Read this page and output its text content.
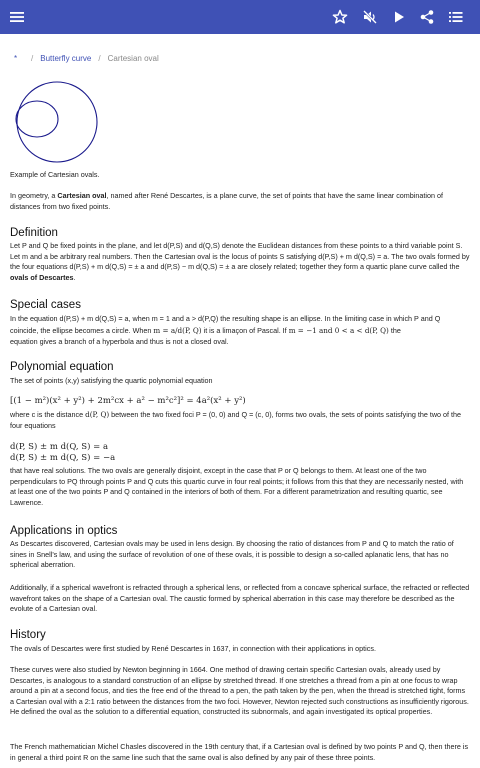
* / Butterfly curve / Cartesian oval
Example of Cartesian ovals.

In geometry, a Cartesian oval, named after René Descartes, is a plane curve, the set of points that have the same linear combination of distances from two fixed points.

Definition

Let P and Q be fixed points in the plane, and let d(P,S) and d(Q,S) denote the Euclidean distances from these points to a third variable point S. Let m and a be arbitrary real numbers. Then the Cartesian oval is the locus of points S satisfying d(P,S) + m d(Q,S) = a. The two ovals formed by the four equations d(P,S) + m d(Q,S) = ± a and d(P,S) − m d(Q,S) = ± a are closely related; together they form a quartic plane curve called the ovals of Descartes.

Special cases

In the equation d(P,S) + m d(Q,S) = a, when m = 1 and a > d(P,Q) the resulting shape is an ellipse. In the limiting case in which P and Q

coincide, the ellipse becomes a circle. When m = a/d(P, Q) it is a limaçon of Pascal. If m = −1 and 0 < a < d(P, Q) the

equation gives a branch of a hyperbola and thus is not a closed oval.

Polynomial equation

The set of points (x,y) satisfying the quartic polynomial equation

[(1 − m²)(x² + y²) + 2m²cx + a² − m²c²]² = 4a²(x² + y²)

where c is the distance d(P, Q) between the two fixed foci P = (0, 0) and Q = (c, 0), forms two ovals, the sets of points satisfying the two of the four equations

d(P, S) ± m d(Q, S) = a

d(P, S) ± m d(Q, S) = −a

that have real solutions. The two ovals are generally disjoint, except in the case that P or Q belongs to them. At least one of the two perpendiculars to PQ through points P and Q cuts this quartic curve in four real points; it follows from this that they are necessarily nested, with at least one of the two points P and Q contained in the interiors of both of them. For a different parametrization and resulting quartic, see Lawrence.

Applications in optics

As Descartes discovered, Cartesian ovals may be used in lens design. By choosing the ratio of distances from P and Q to match the ratio of sines in Snell's law, and using the surface of revolution of one of these ovals, it is possible to design a so-called aplanatic lens, that has no spherical aberration.

Additionally, if a spherical wavefront is refracted through a spherical lens, or reflected from a concave spherical surface, the refracted or reflected wavefront takes on the shape of a Cartesian oval. The caustic formed by spherical aberration in this case may therefore be described as the evolute of a Cartesian oval.

History

The ovals of Descartes were first studied by René Descartes in 1637, in connection with their applications in optics.

These curves were also studied by Newton beginning in 1664. One method of drawing certain specific Cartesian ovals, already used by Descartes, is analogous to a standard construction of an ellipse by stretched thread. If one stretches a thread from a pin at one focus to wrap around a pin at a second focus, and ties the free end of the thread to a pen, the path taken by the pen, when the thread is stretched tight, forms a Cartesian oval with a 2:1 ratio between the distances from the two foci. However, Newton rejected such constructions as insufficiently rigorous. He defined the oval as the solution to a differential equation, constructed its subnormals, and again investigated its optical properties.

The French mathematician Michel Chasles discovered in the 19th century that, if a Cartesian oval is defined by two points P and Q, then there is in general a third point R on the same line such that the same oval is also defined by any pair of these three points.
